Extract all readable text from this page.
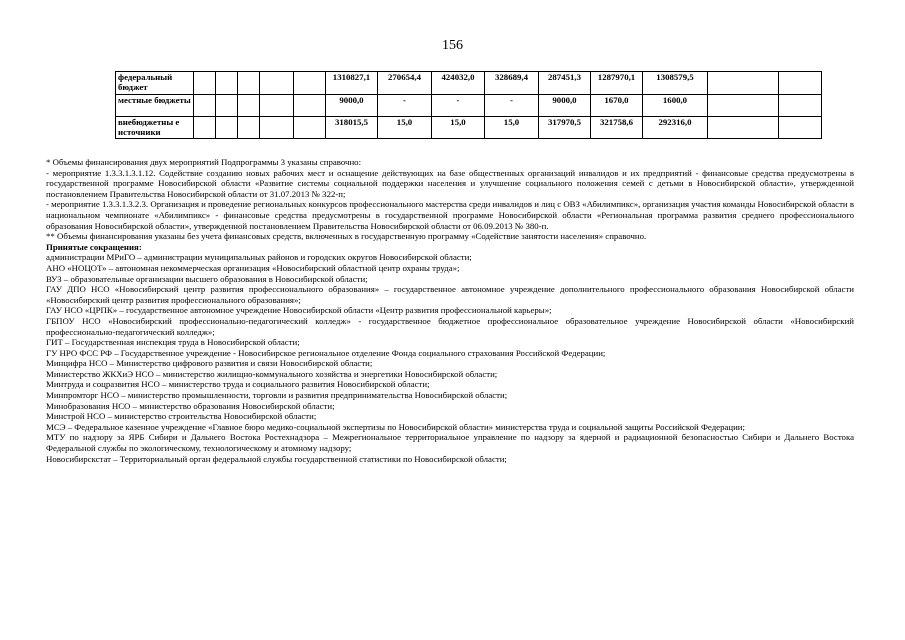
156
федеральный бюджет						1310827,1	270654,4	424032,0	328689,4	287451,3	1287970,1	1308579,5		
местные бюджеты						9000,0	-	-	-	9000,0	1670,0	1600,0		
внебюджетны е источники						318015,5	15,0	15,0	15,0	317970,5	321758,6	292316,0		

* Объемы финансирования двух мероприятий Подпрограммы 3 указаны справочно:

- мероприятие 1.3.3.1.3.1.12. Содействие созданию новых рабочих мест и оснащение действующих на базе общественных организаций инвалидов и их предприятий - финансовые средства предусмотрены в государственной программе Новосибирской области «Развитие системы социальной поддержки населения и улучшение социального положения семей с детьми в Новосибирской области», утвержденной постановлением Правительства Новосибирской области от 31.07.2013 № 322-п;

- мероприятие 1.3.3.1.3.2.3. Организация и проведение региональных конкурсов профессионального мастерства среди инвалидов и лиц с ОВЗ «Абилимпикс», организация участия команды Новосибирской области в национальном чемпионате «Абилимпикс» - финансовые средства предусмотрены в государственной программе Новосибирской области «Региональная программа развития среднего профессионального образования Новосибирской области», утвержденной постановлением Правительства Новосибирской области от 06.09.2013 № 380-п.

** Объемы финансирования указаны без учета финансовых средств, включенных в государственную программу «Содействие занятости населения» справочно.

Принятые сокращения:

администрации МРиГО – администрации муниципальных районов и городских округов Новосибирской области;

АНО «НОЦОТ» – автономная некоммерческая организация «Новосибирский областной центр охраны труда»;

ВУЗ – образовательные организации высшего образования в Новосибирской области;

ГАУ ДПО НСО «Новосибирский центр развития профессионального образования» – государственное автономное учреждение дополнительного профессионального образования Новосибирской области «Новосибирский центр развития профессионального образования»;

ГАУ НСО «ЦРПК» – государственное автономное учреждение Новосибирской области «Центр развития профессиональной карьеры»;

ГБПОУ НСО «Новосибирский профессионально-педагогический колледж» - государственное бюджетное профессиональное образовательное учреждение Новосибирской области «Новосибирский профессионально-педагогический колледж»;

ГИТ – Государственная инспекция труда в Новосибирской области;

ГУ НРО ФСС РФ – Государственное учреждение - Новосибирское региональное отделение Фонда социального страхования Российской Федерации;

Минцифра НСО – Министерство цифрового развития и связи Новосибирской области;

Министерство ЖКХиЭ НСО – министерство жилищно-коммунального хозяйства и энергетики Новосибирской области;

Минтруда и соцразвития НСО – министерство труда и социального развития Новосибирской области;

Минпромторг НСО – министерство промышленности, торговли и развития предпринимательства Новосибирской области;

Минобразования НСО – министерство образования Новосибирской области;

Минстрой НСО – министерство строительства Новосибирской области;

МСЭ – Федеральное казенное учреждение «Главное бюро медико-социальной экспертизы по Новосибирской области» министерства труда и социальной защиты Российской Федерации;

МТУ по надзору за ЯРБ Сибири и Дальнего Востока Ростехнадзора – Межрегиональное территориальное управление по надзору за ядерной и радиационной безопасностью Сибири и Дальнего Востока Федеральной службы по экологическому, технологическому и атомному надзору;

Новосибирскстат – Территориальный орган федеральной службы государственной статистики по Новосибирской области;
